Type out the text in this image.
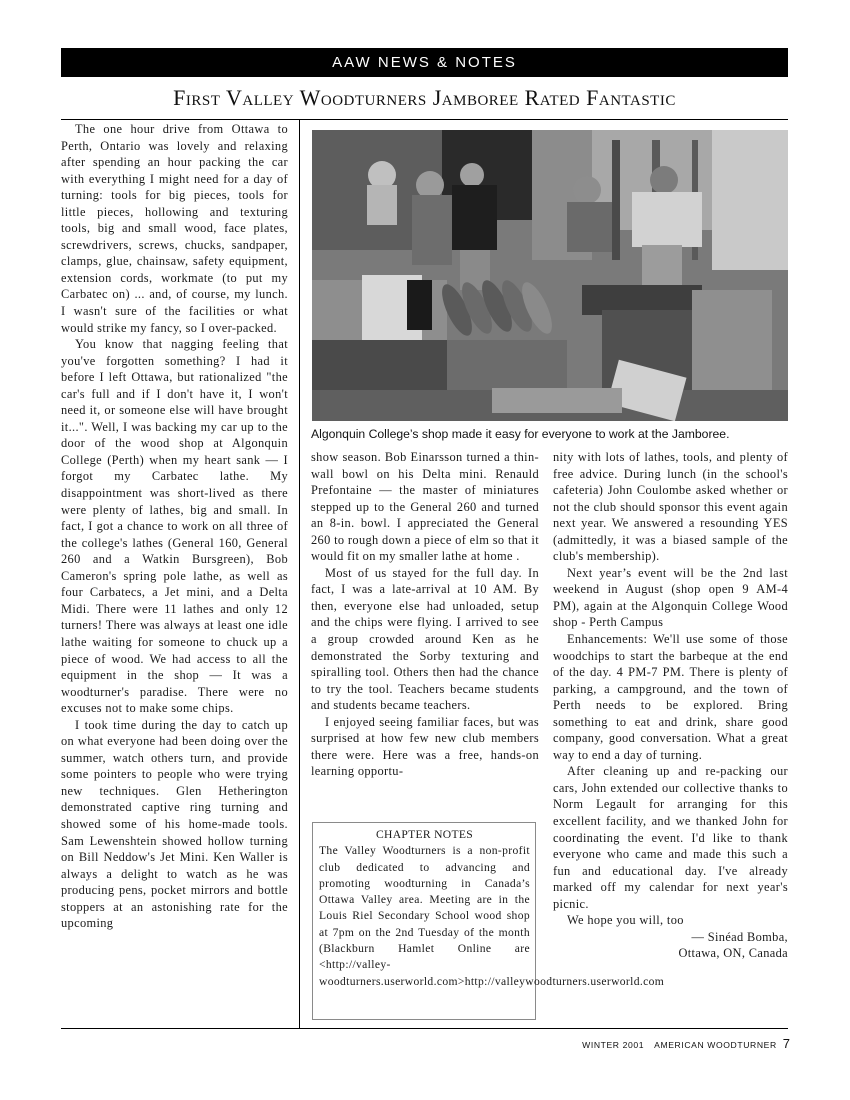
AAW NEWS & NOTES
First Valley Woodturners Jamboree Rated Fantastic

The one hour drive from Ottawa to Perth, Ontario was lovely and relaxing after spending an hour packing the car with everything I might need for a day of turning: tools for big pieces, tools for little pieces, hollowing and texturing tools, big and small wood, face plates, screwdrivers, screws, chucks, sandpaper, clamps, glue, chainsaw, safety equipment, extension cords, workmate (to put my Carbatec on) ... and, of course, my lunch. I wasn't sure of the facilities or what would strike my fancy, so I over-packed.

You know that nagging feeling that you've forgotten something? I had it before I left Ottawa, but rationalized "the car's full and if I don't have it, I won't need it, or someone else will have brought it...". Well, I was backing my car up to the door of the wood shop at Algonquin College (Perth) when my heart sank — I forgot my Carbatec lathe. My disappointment was short-lived as there were plenty of lathes, big and small. In fact, I got a chance to work on all three of the college's lathes (General 160, General 260 and a Watkin Bursgreen), Bob Cameron's spring pole lathe, as well as four Carbatecs, a Jet mini, and a Delta Midi. There were 11 lathes and only 12 turners! There was always at least one idle lathe waiting for someone to chuck up a piece of wood. We had access to all the equipment in the shop — It was a woodturner's paradise. There were no excuses not to make some chips.

I took time during the day to catch up on what everyone had been doing over the summer, watch others turn, and provide some pointers to people who were trying new techniques. Glen Hetherington demonstrated captive ring turning and showed some of his home-made tools. Sam Lewenshtein showed hollow turning on Bill Neddow's Jet Mini. Ken Waller is always a delight to watch as he was producing pens, pocket mirrors and bottle stoppers at an astonishing rate for the upcoming

Algonquin College’s shop made it easy for everyone to work at the Jamboree.

show season. Bob Einarsson turned a thin-wall bowl on his Delta mini. Renauld Prefontaine — the master of miniatures stepped up to the General 260 and turned an 8-in. bowl. I appreciated the General 260 to rough down a piece of elm so that it would fit on my smaller lathe at home .

Most of us stayed for the full day. In fact, I was a late-arrival at 10 AM. By then, everyone else had unloaded, setup and the chips were flying. I arrived to see a group crowded around Ken as he demonstrated the Sorby texturing and spiralling tool. Others then had the chance to try the tool. Teachers became students and students became teachers.

I enjoyed seeing familiar faces, but was surprised at how few new club members there were. Here was a free, hands-on learning opportu-

CHAPTER NOTES

The Valley Woodturners is a non-profit club dedicated to advancing and promoting woodturning in Canada’s Ottawa Valley area. Meeting are in the Louis Riel Secondary School wood shop at 7pm on the 2nd Tuesday of the month (Blackburn Hamlet Online are <http://valley-woodturners.userworld.com>http://valleywoodturners.userworld.com

nity with lots of lathes, tools, and plenty of free advice. During lunch (in the school's cafeteria) John Coulombe asked whether or not the club should sponsor this event again next year. We answered a resounding YES (admittedly, it was a biased sample of the club's membership).

Next year’s event will be the 2nd last weekend in August (shop open 9 AM-4 PM), again at the Algonquin College Wood shop - Perth Campus

Enhancements: We'll use some of those woodchips to start the barbeque at the end of the day. 4 PM-7 PM. There is plenty of parking, a campground, and the town of Perth needs to be explored. Bring something to eat and drink, share good company, good conversation. What a great way to end a day of turning.

After cleaning up and re-packing our cars, John extended our collective thanks to Norm Legault for arranging for this excellent facility, and we thanked John for coordinating the event. I'd like to thank everyone who came and made this such a fun and educational day. I've already marked off my calendar for next year's picnic.

We hope you will, too

— Sinéad Bomba,

Ottawa, ON, Canada

WINTER 2001 AMERICAN WOODTURNER 7
